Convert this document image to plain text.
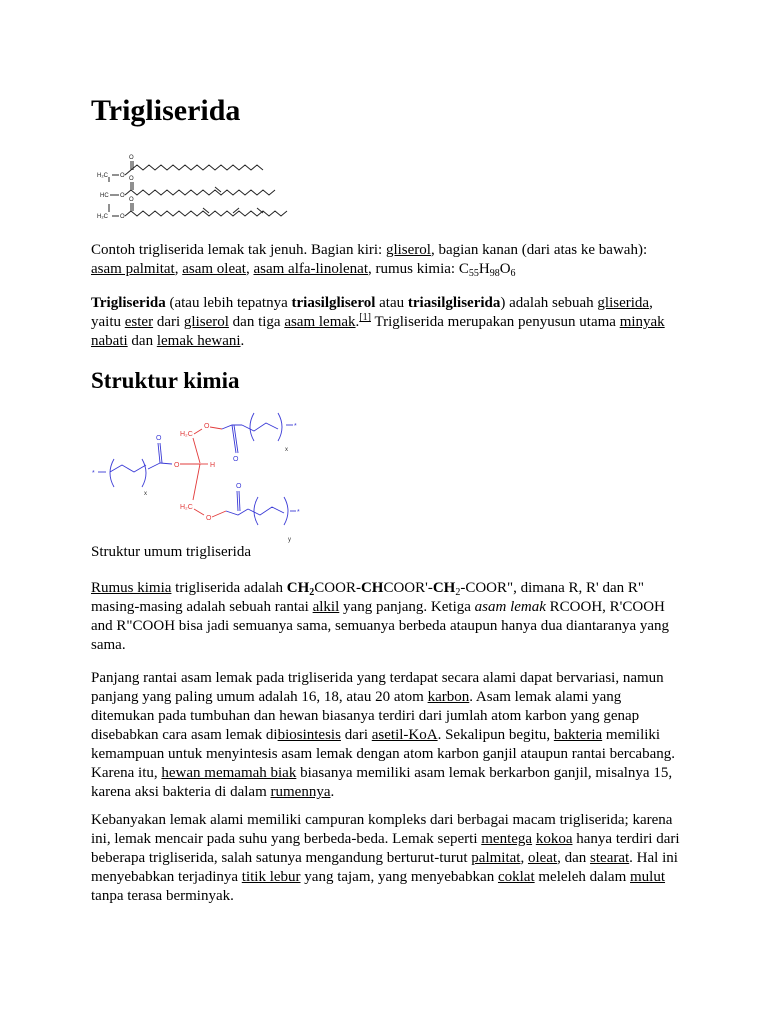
Trigliserida
H₂C O
O
HC O
O
H₂C O
O

Contoh trigliserida lemak tak jenuh. Bagian kiri: gliserol, bagian kanan (dari atas ke bawah): asam palmitat, asam oleat, asam alfa-linolenat, rumus kimia: $C_{55}H_{98}O_6$

Trigliserida (atau lebih tepatnya triasilgliserol atau triasilgliserida) adalah sebuah gliserida, yaitu ester dari gliserol dan tiga asam lemak.[1] Trigliserida merupakan penyusun utama minyak nabati dan lemak hewani.

Struktur kimia
H₂C
O	H
H₂C
O
O
*
x
*
x
O
O
O
*
y

Struktur umum trigliserida

Rumus kimia trigliserida adalah $CH_2COOR-CHCOOR'-CH_2$-COOR", dimana R, R' dan R" masing-masing adalah sebuah rantai alkil yang panjang. Ketiga asam lemak RCOOH, R'COOH and R"COOH bisa jadi semuanya sama, semuanya berbeda ataupun hanya dua diantaranya yang sama.

Panjang rantai asam lemak pada trigliserida yang terdapat secara alami dapat bervariasi, namun panjang yang paling umum adalah 16, 18, atau 20 atom karbon. Asam lemak alami yang ditemukan pada tumbuhan dan hewan biasanya terdiri dari jumlah atom karbon yang genap disebabkan cara asam lemak dibiosintesis dari asetil-KoA. Sekalipun begitu, bakteria memiliki kemampuan untuk menyintesis asam lemak dengan atom karbon ganjil ataupun rantai bercabang. Karena itu, hewan memamah biak biasanya memiliki asam lemak berkarbon ganjil, misalnya 15, karena aksi bakteria di dalam rumennya.

Kebanyakan lemak alami memiliki campuran kompleks dari berbagai macam trigliserida; karena ini, lemak mencair pada suhu yang berbeda-beda. Lemak seperti mentega kokoa hanya terdiri dari beberapa trigliserida, salah satunya mengandung berturut-turut palmitat, oleat, dan stearat. Hal ini menyebabkan terjadinya titik lebur yang tajam, yang menyebabkan coklat meleleh dalam mulut tanpa terasa berminyak.
